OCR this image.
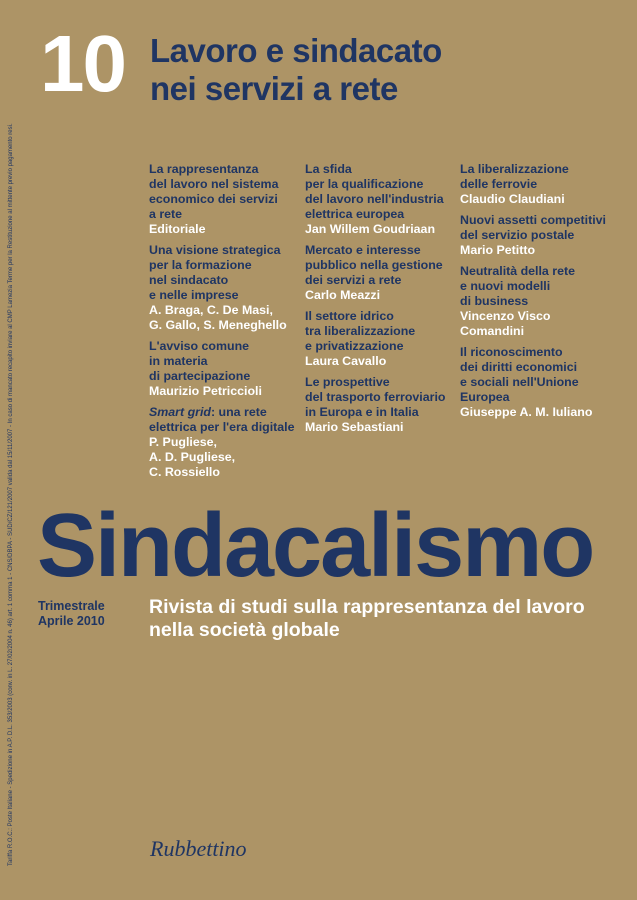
10 Lavoro e sindacato
nei servizi a rete
Tariffa R.O.C.: Poste Italiane - Spedizione in A.P. D.L. 353/2003 (conv. in L. 27/02/2004 n. 46) art. 1 comma 1 - CNS/DBPA - SUD/CZ/121/2007 valida dal 15/11/2007 - In caso di mancato recapito inviare al CMP Lamezia Terme per la Restituzione al mittente previo pagamento resi.	La rappresentanza
del lavoro nel sistema
economico dei servizi
a rete
Editoriale
Una visione strategica
per la formazione
nel sindacato
e nelle imprese
A. Braga, C. De Masi,
G. Gallo, S. Meneghello
L'avviso comune
in materia
di partecipazione
Maurizio Petriccioli
Smart grid: una rete
elettrica per l'era digitale
P. Pugliese,
A. D. Pugliese,
C. Rossiello
La sfida
per la qualificazione
del lavoro nell'industria
elettrica europea
Jan Willem Goudriaan
Mercato e interesse
pubblico nella gestione
dei servizi a rete
Carlo Meazzi
Il settore idrico
tra liberalizzazione
e privatizzazione
Laura Cavallo
Le prospettive
del trasporto ferroviario
in Europa e in Italia
Mario Sebastiani
La liberalizzazione
delle ferrovie
Claudio Claudiani
Nuovi assetti competitivi
del servizio postale
Mario Petitto
Neutralità della rete
e nuovi modelli
di business
Vincenzo Visco
Comandini
Il riconoscimento
dei diritti economici
e sociali nell'Unione
Europea
Giuseppe A. M. Iuliano
Sindacalismo
Trimestrale
Aprile 2010
Rivista di studi sulla rappresentanza del lavoro
nella società globale
Rubbettino
